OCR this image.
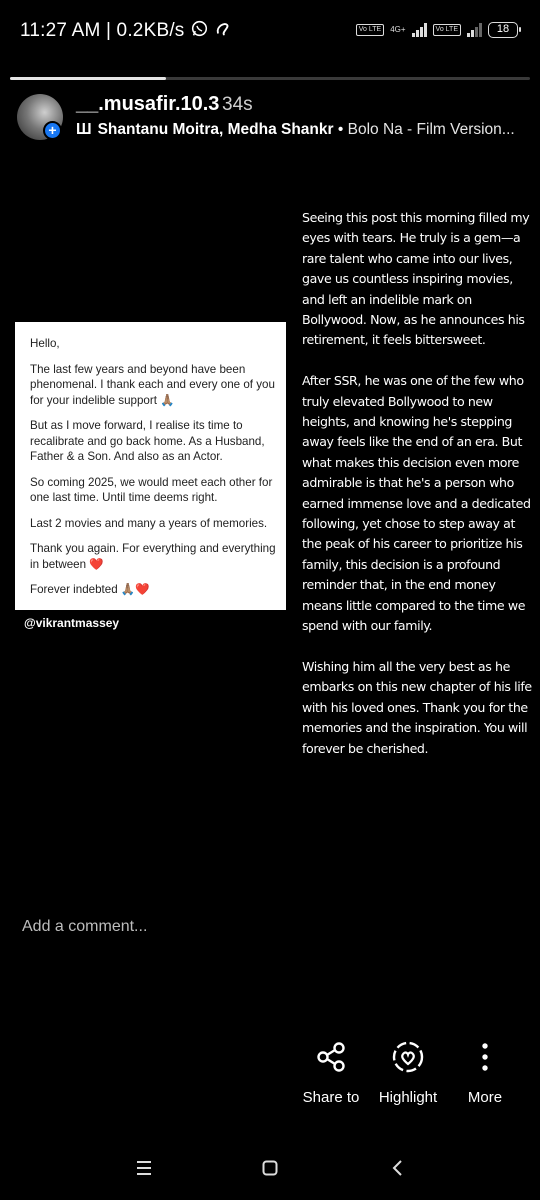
11:27 AM | 0.2KB/s	Vo LTE	4G+	Vo LTE	18
+
__.musafir.10.3 34s
Ш Shantanu Moitra, Medha Shankr • Bolo Na - Film Version...

Hello,

The last few years and beyond have been phenomenal. I thank each and every one of you for your indelible support 🙏🏽

But as I move forward, I realise its time to recalibrate and go back home. As a Husband, Father & a Son. And also as an Actor.

So coming 2025, we would meet each other for one last time. Until time deems right.

Last 2 movies and many a years of memories.

Thank you again. For everything and everything in between ❤️

Forever indebted 🙏🏽❤️

@vikrantmassey

Seeing this post this morning filled my eyes with tears. He truly is a gem—a rare talent who came into our lives, gave us countless inspiring movies, and left an indelible mark on Bollywood. Now, as he announces his retirement, it feels bittersweet.

After SSR, he was one of the few who truly elevated Bollywood to new heights, and knowing he's stepping away feels like the end of an era. But what makes this decision even more admirable is that he's a person who earned immense love and a dedicated following, yet chose to step away at the peak of his career to prioritize his family, this decision is a profound reminder that, in the end money means little compared to the time we spend with our family.

Wishing him all the very best as he embarks on this new chapter of his life with his loved ones. Thank you for the memories and the inspiration. You will forever be cherished.

Add a comment...
Share to Highlight More
